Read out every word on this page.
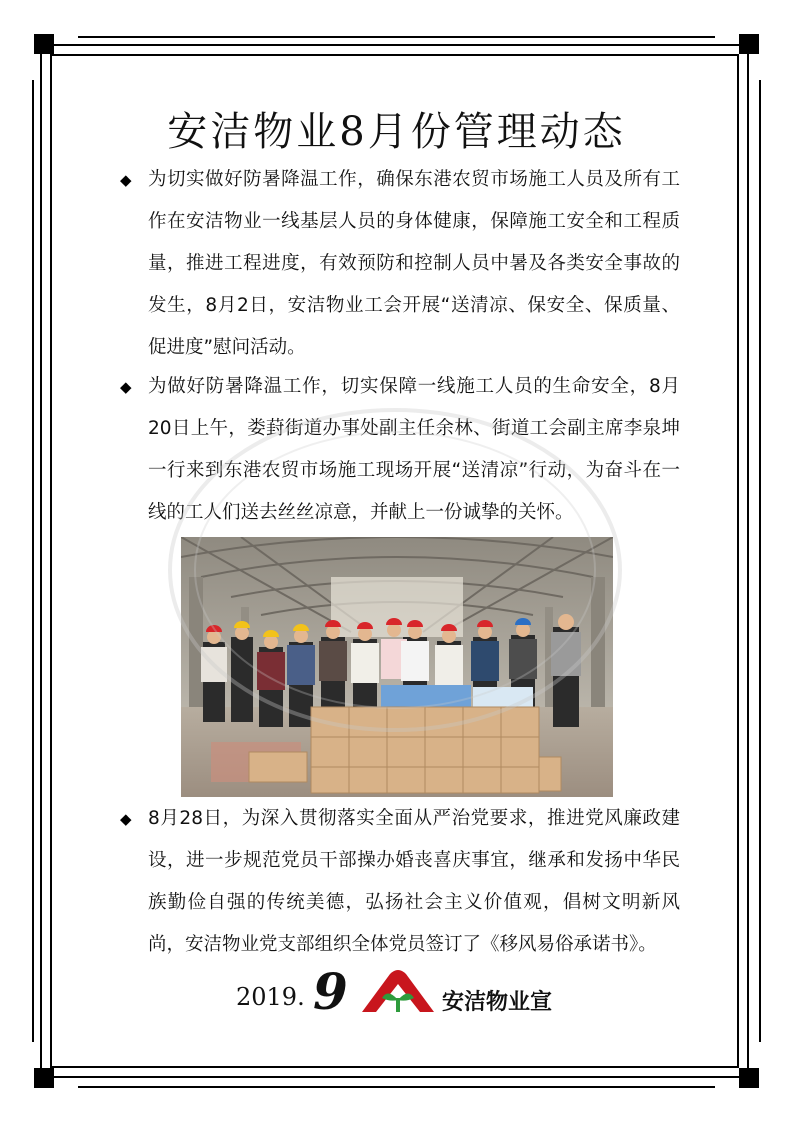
安洁物业8月份管理动态
◆ 为切实做好防暑降温工作，确保东港农贸市场施工人员及所有工作在安洁物业一线基层人员的身体健康，保障施工安全和工程质量，推进工程进度，有效预防和控制人员中暑及各类安全事故的发生，8月2日，安洁物业工会开展“送清凉、保安全、保质量、促进度”慰问活动。
◆ 为做好防暑降温工作，切实保障一线施工人员的生命安全，8月20日上午，娄葑街道办事处副主任余林、街道工会副主席李泉坤一行来到东港农贸市场施工现场开展“送清凉”行动，为奋斗在一线的工人们送去丝丝凉意，并献上一份诚挚的关怀。
◆ 8月28日，为深入贯彻落实全面从严治党要求，推进党风廉政建设，进一步规范党员干部操办婚丧喜庆事宜，继承和发扬中华民族勤俭自强的传统美德，弘扬社会主义价值观，倡树文明新风尚，安洁物业党支部组织全体党员签订了《移风易俗承诺书》。
2019. 9	安洁物业宣
